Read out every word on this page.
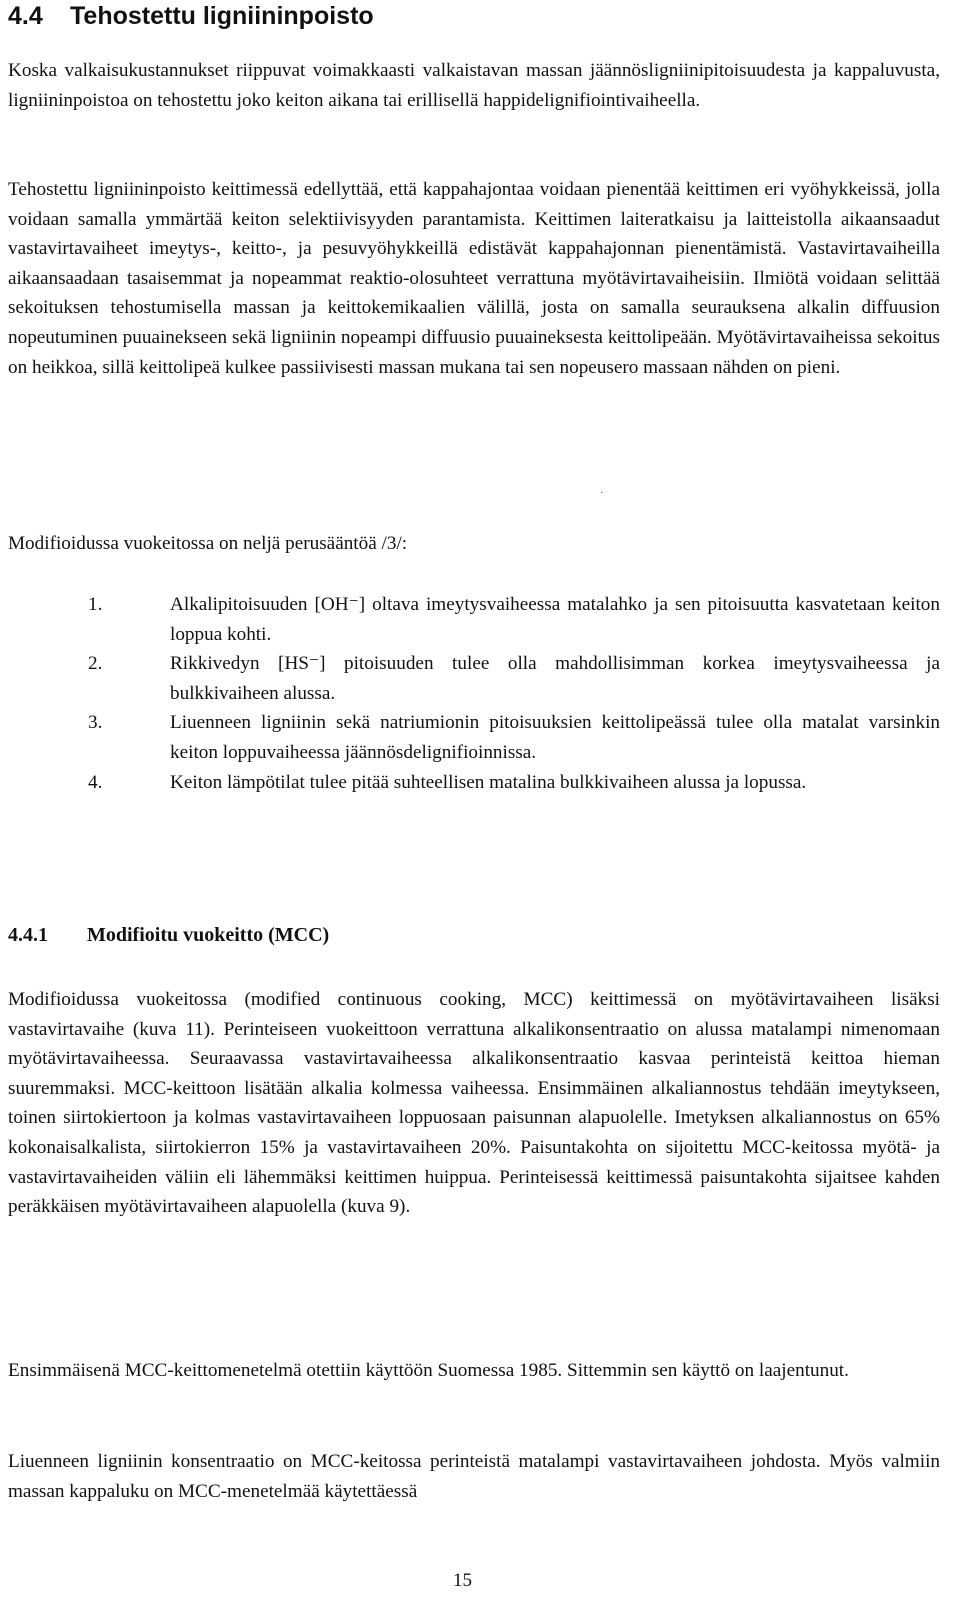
4.4 Tehostettu ligniininpoisto

Koska valkaisukustannukset riippuvat voimakkaasti valkaistavan massan jäännösligniinipitoisuudesta ja kappaluvusta, ligniininpoistoa on tehostettu joko keiton aikana tai erillisellä happidelignifiointivaiheella.

Tehostettu ligniininpoisto keittimessä edellyttää, että kappahajontaa voidaan pienentää keittimen eri vyöhykkeissä, jolla voidaan samalla ymmärtää keiton selektiivisyyden parantamista. Keittimen laiteratkaisu ja laitteistolla aikaansaadut vastavirtavaiheet imeytys-, keitto-, ja pesuvyöhykkeillä edistävät kappahajonnan pienentämistä. Vastavirtavaiheilla aikaansaadaan tasaisemmat ja nopeammat reaktio-olosuhteet verrattuna myötävirtavaiheisiin. Ilmiötä voidaan selittää sekoituksen tehostumisella massan ja keittokemikaalien välillä, josta on samalla seurauksena alkalin diffuusion nopeutuminen puuainekseen sekä ligniinin nopeampi diffuusio puuaineksesta keittolipeään. Myötävirtavaiheissa sekoitus on heikkoa, sillä keittolipeä kulkee passiivisesti massan mukana tai sen nopeusero massaan nähden on pieni.

·

Modifioidussa vuokeitossa on neljä perusääntöä /3/:

1.	Alkalipitoisuuden [OH⁻] oltava imeytysvaiheessa matalahko ja sen pitoisuutta kasvatetaan keiton loppua kohti.
2.	Rikkivedyn [HS⁻] pitoisuuden tulee olla mahdollisimman korkea imeytysvaiheessa ja bulkkivaiheen alussa.
3.	Liuenneen ligniinin sekä natriumionin pitoisuuksien keittolipeässä tulee olla matalat varsinkin keiton loppuvaiheessa jäännösdelignifioinnissa.
4.	Keiton lämpötilat tulee pitää suhteellisen matalina bulkkivaiheen alussa ja lopussa.
4.4.1 Modifioitu vuokeitto (MCC)

Modifioidussa vuokeitossa (modified continuous cooking, MCC) keittimessä on myötävirtavaiheen lisäksi vastavirtavaihe (kuva 11). Perinteiseen vuokeittoon verrattuna alkalikonsentraatio on alussa matalampi nimenomaan myötävirtavaiheessa. Seuraavassa vastavirtavaiheessa alkalikonsentraatio kasvaa perinteistä keittoa hieman suuremmaksi. MCC-keittoon lisätään alkalia kolmessa vaiheessa. Ensimmäinen alkaliannostus tehdään imeytykseen, toinen siirtokiertoon ja kolmas vastavirtavaiheen loppuosaan paisunnan alapuolelle. Imetyksen alkaliannostus on 65% kokonaisalkalista, siirtokierron 15% ja vastavirtavaiheen 20%. Paisuntakohta on sijoitettu MCC-keitossa myötä- ja vastavirtavaiheiden väliin eli lähemmäksi keittimen huippua. Perinteisessä keittimessä paisuntakohta sijaitsee kahden peräkkäisen myötävirtavaiheen alapuolella (kuva 9).

Ensimmäisenä MCC-keittomenetelmä otettiin käyttöön Suomessa 1985. Sittemmin sen käyttö on laajentunut.

Liuenneen ligniinin konsentraatio on MCC-keitossa perinteistä matalampi vastavirtavaiheen johdosta. Myös valmiin massan kappaluku on MCC-menetelmää käytettäessä

15
